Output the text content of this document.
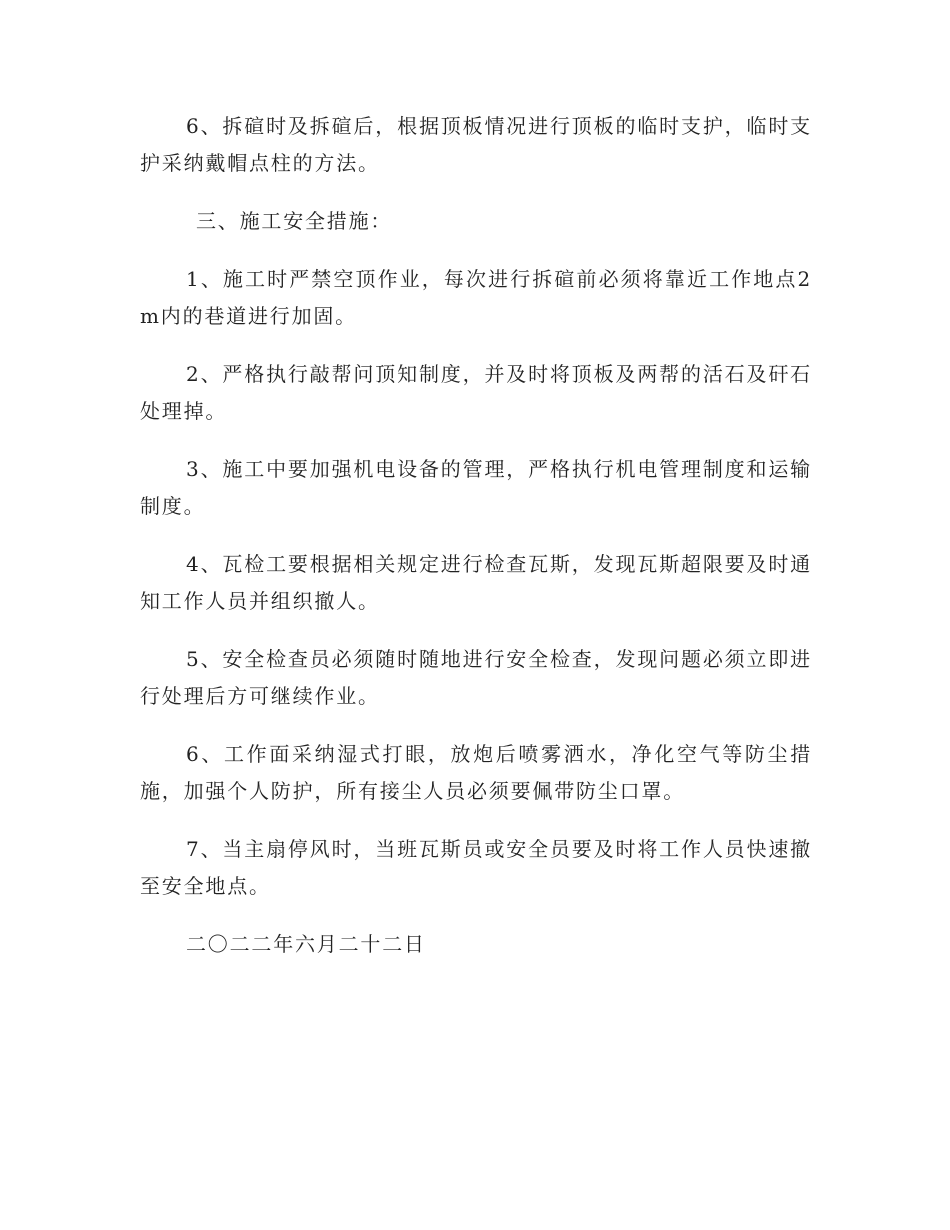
6、拆碹时及拆碹后，根据顶板情况进行顶板的临时支护，临时支护采纳戴帽点柱的方法。

三、施工安全措施：

1、施工时严禁空顶作业，每次进行拆碹前必须将靠近工作地点2m内的巷道进行加固。

2、严格执行敲帮问顶知制度，并及时将顶板及两帮的活石及矸石处理掉。

3、施工中要加强机电设备的管理，严格执行机电管理制度和运输制度。

4、瓦检工要根据相关规定进行检查瓦斯，发现瓦斯超限要及时通知工作人员并组织撤人。

5、安全检查员必须随时随地进行安全检查，发现问题必须立即进行处理后方可继续作业。

6、工作面采纳湿式打眼，放炮后喷雾洒水，净化空气等防尘措施，加强个人防护，所有接尘人员必须要佩带防尘口罩。

7、当主扇停风时，当班瓦斯员或安全员要及时将工作人员快速撤至安全地点。

二〇二二年六月二十二日
